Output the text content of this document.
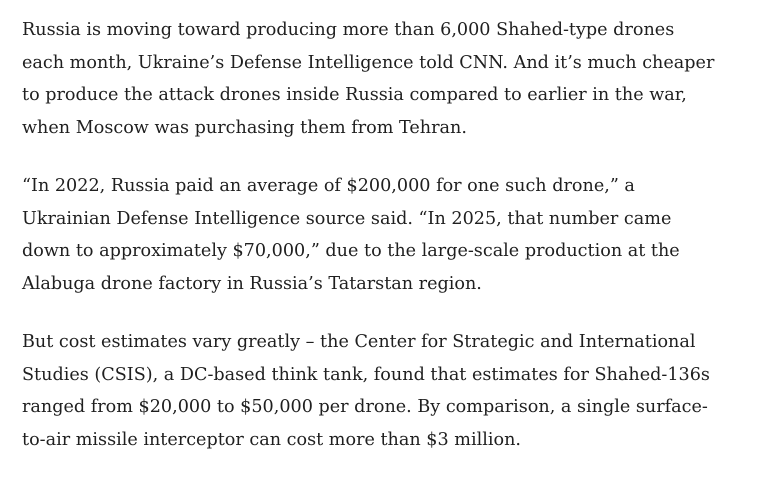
Russia is moving toward producing more than 6,000 Shahed-type drones
each month, Ukraine’s Defense Intelligence told CNN. And it’s much cheaper
to produce the attack drones inside Russia compared to earlier in the war,
when Moscow was purchasing them from Tehran.

“In 2022, Russia paid an average of $200,000 for one such drone,” a
Ukrainian Defense Intelligence source said. “In 2025, that number came
down to approximately $70,000,” due to the large-scale production at the
Alabuga drone factory in Russia’s Tatarstan region.

But cost estimates vary greatly – the Center for Strategic and International
Studies (CSIS), a DC-based think tank, found that estimates for Shahed-136s
ranged from $20,000 to $50,000 per drone. By comparison, a single surface-
to-air missile interceptor can cost more than $3 million.
